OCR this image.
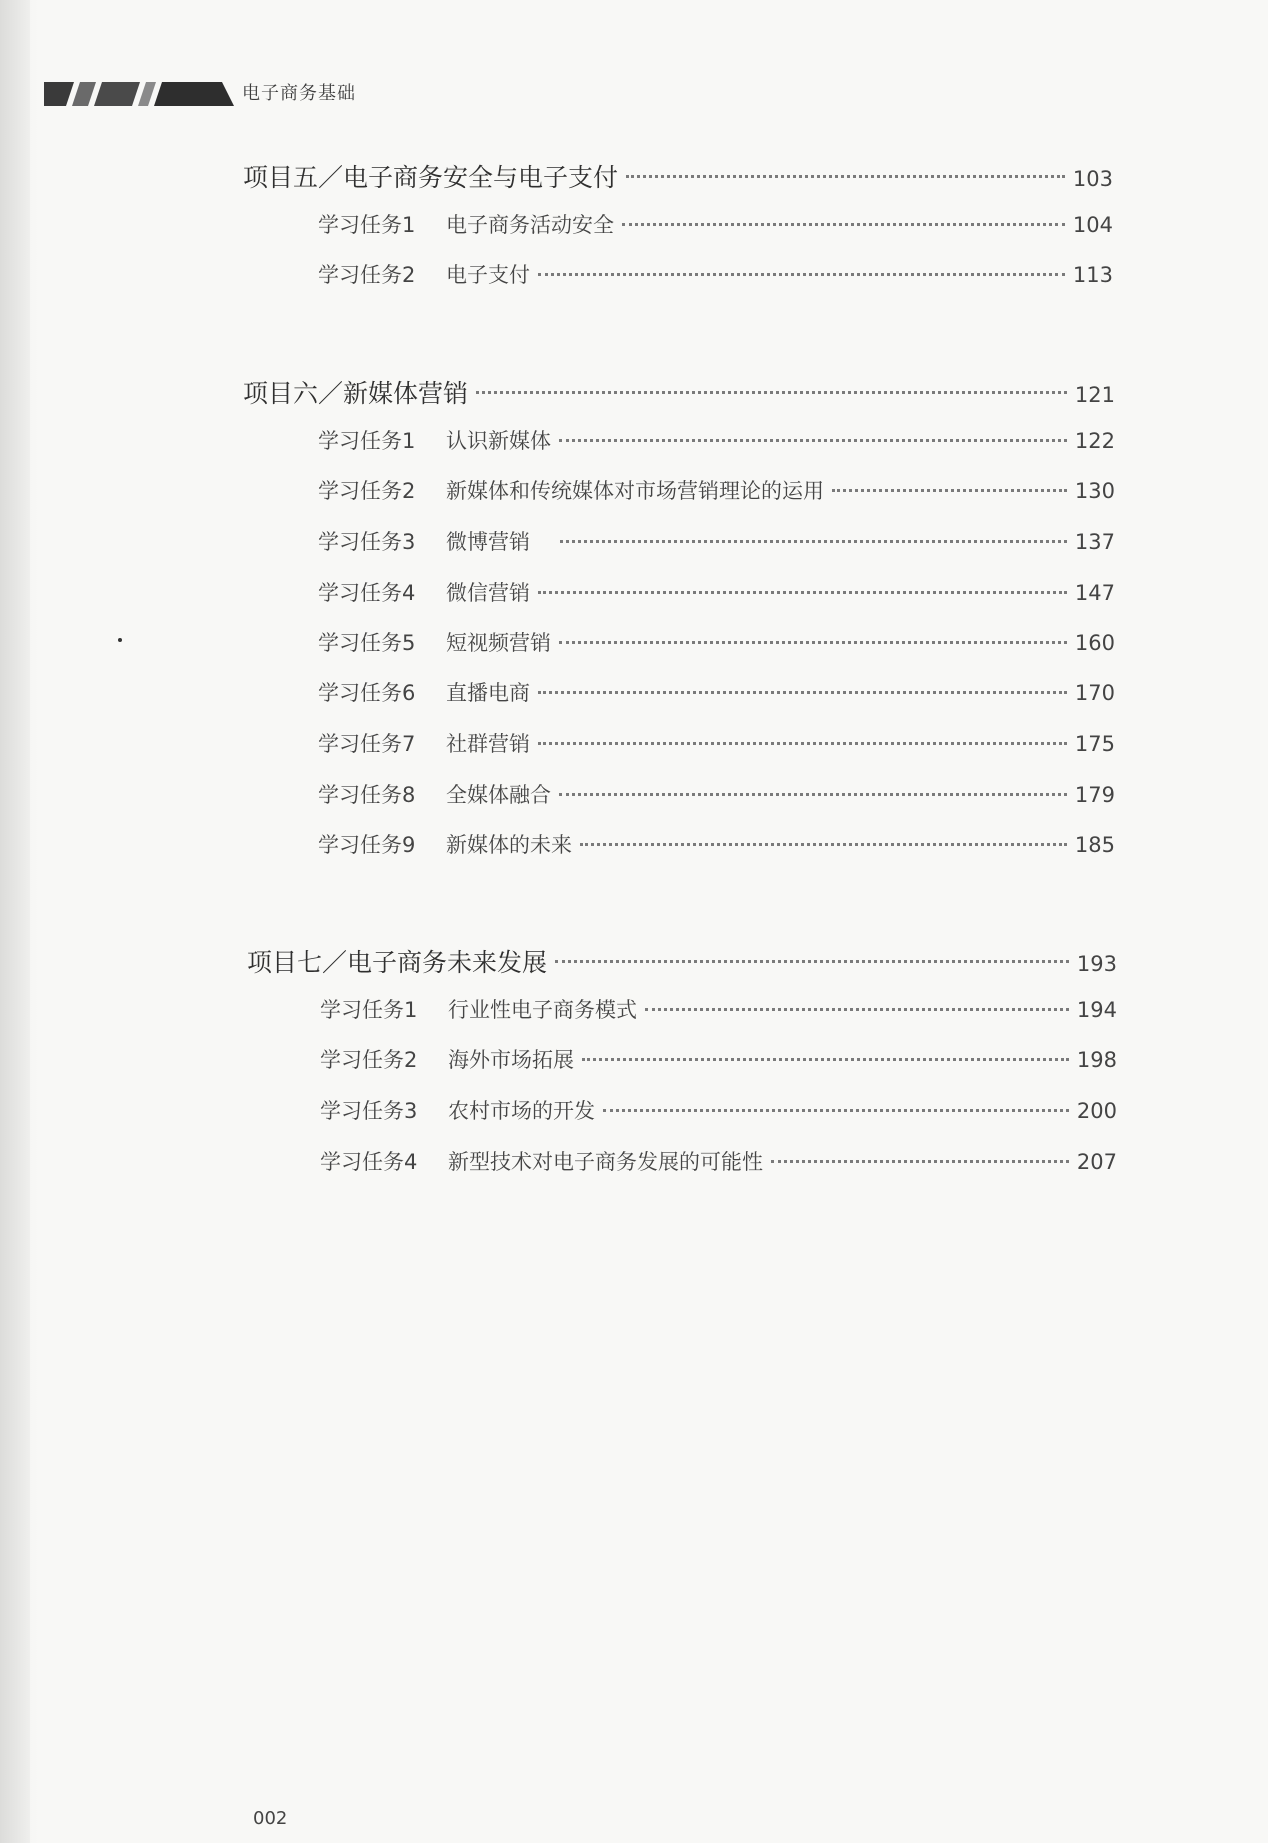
电子商务基础
项目五／电子商务安全与电子支付	103
学习任务1 电子商务活动安全	104
学习任务2 电子支付	113
项目六／新媒体营销	121
学习任务1 认识新媒体	122
学习任务2 新媒体和传统媒体对市场营销理论的运用	130
学习任务3 微博营销	137
学习任务4 微信营销	147
学习任务5 短视频营销	160
学习任务6 直播电商	170
学习任务7 社群营销	175
学习任务8 全媒体融合	179
学习任务9 新媒体的未来	185
项目七／电子商务未来发展	193
学习任务1 行业性电子商务模式	194
学习任务2 海外市场拓展	198
学习任务3 农村市场的开发	200
学习任务4 新型技术对电子商务发展的可能性	207
002
